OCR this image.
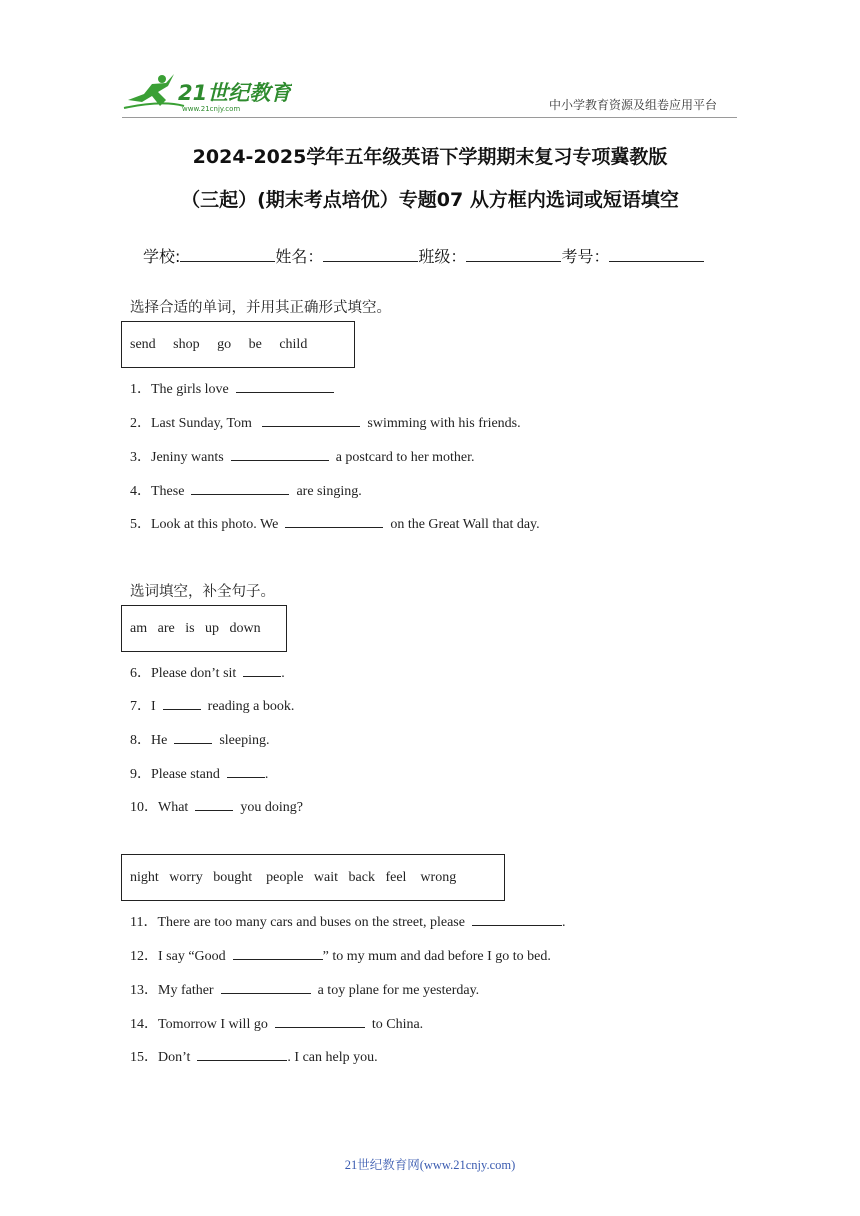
21世纪教育
www.21cnjy.com	中小学教育资源及组卷应用平台
2024-2025学年五年级英语下学期期末复习专项冀教版
（三起）(期末考点培优）专题07 从方框内选词或短语填空
学校:	姓名：	班级：	考号：
选择合适的单词，并用其正确形式填空。
send     shop     go     be     child
1．The girls love
2．Last Sunday, Tom	swimming with his friends.
3．Jeniny wants	a postcard to her mother.
4．These	are singing.
5．Look at this photo. We	on the Great Wall that day.
选词填空，补全句子。
am   are   is   up   down
6．Please don’t sit	.
7．I	reading a book.
8．He	sleeping.
9．Please stand	.
10．What	you doing?
night   worry   bought    people   wait   back   feel    wrong
11．There are too many cars and buses on the street, please	.
12．I say “Good	” to my mum and dad before I go to bed.
13．My father	a toy plane for me yesterday.
14．Tomorrow I will go	to China.
15．Don’t	. I can help you.
21世纪教育网(www.21cnjy.com)
